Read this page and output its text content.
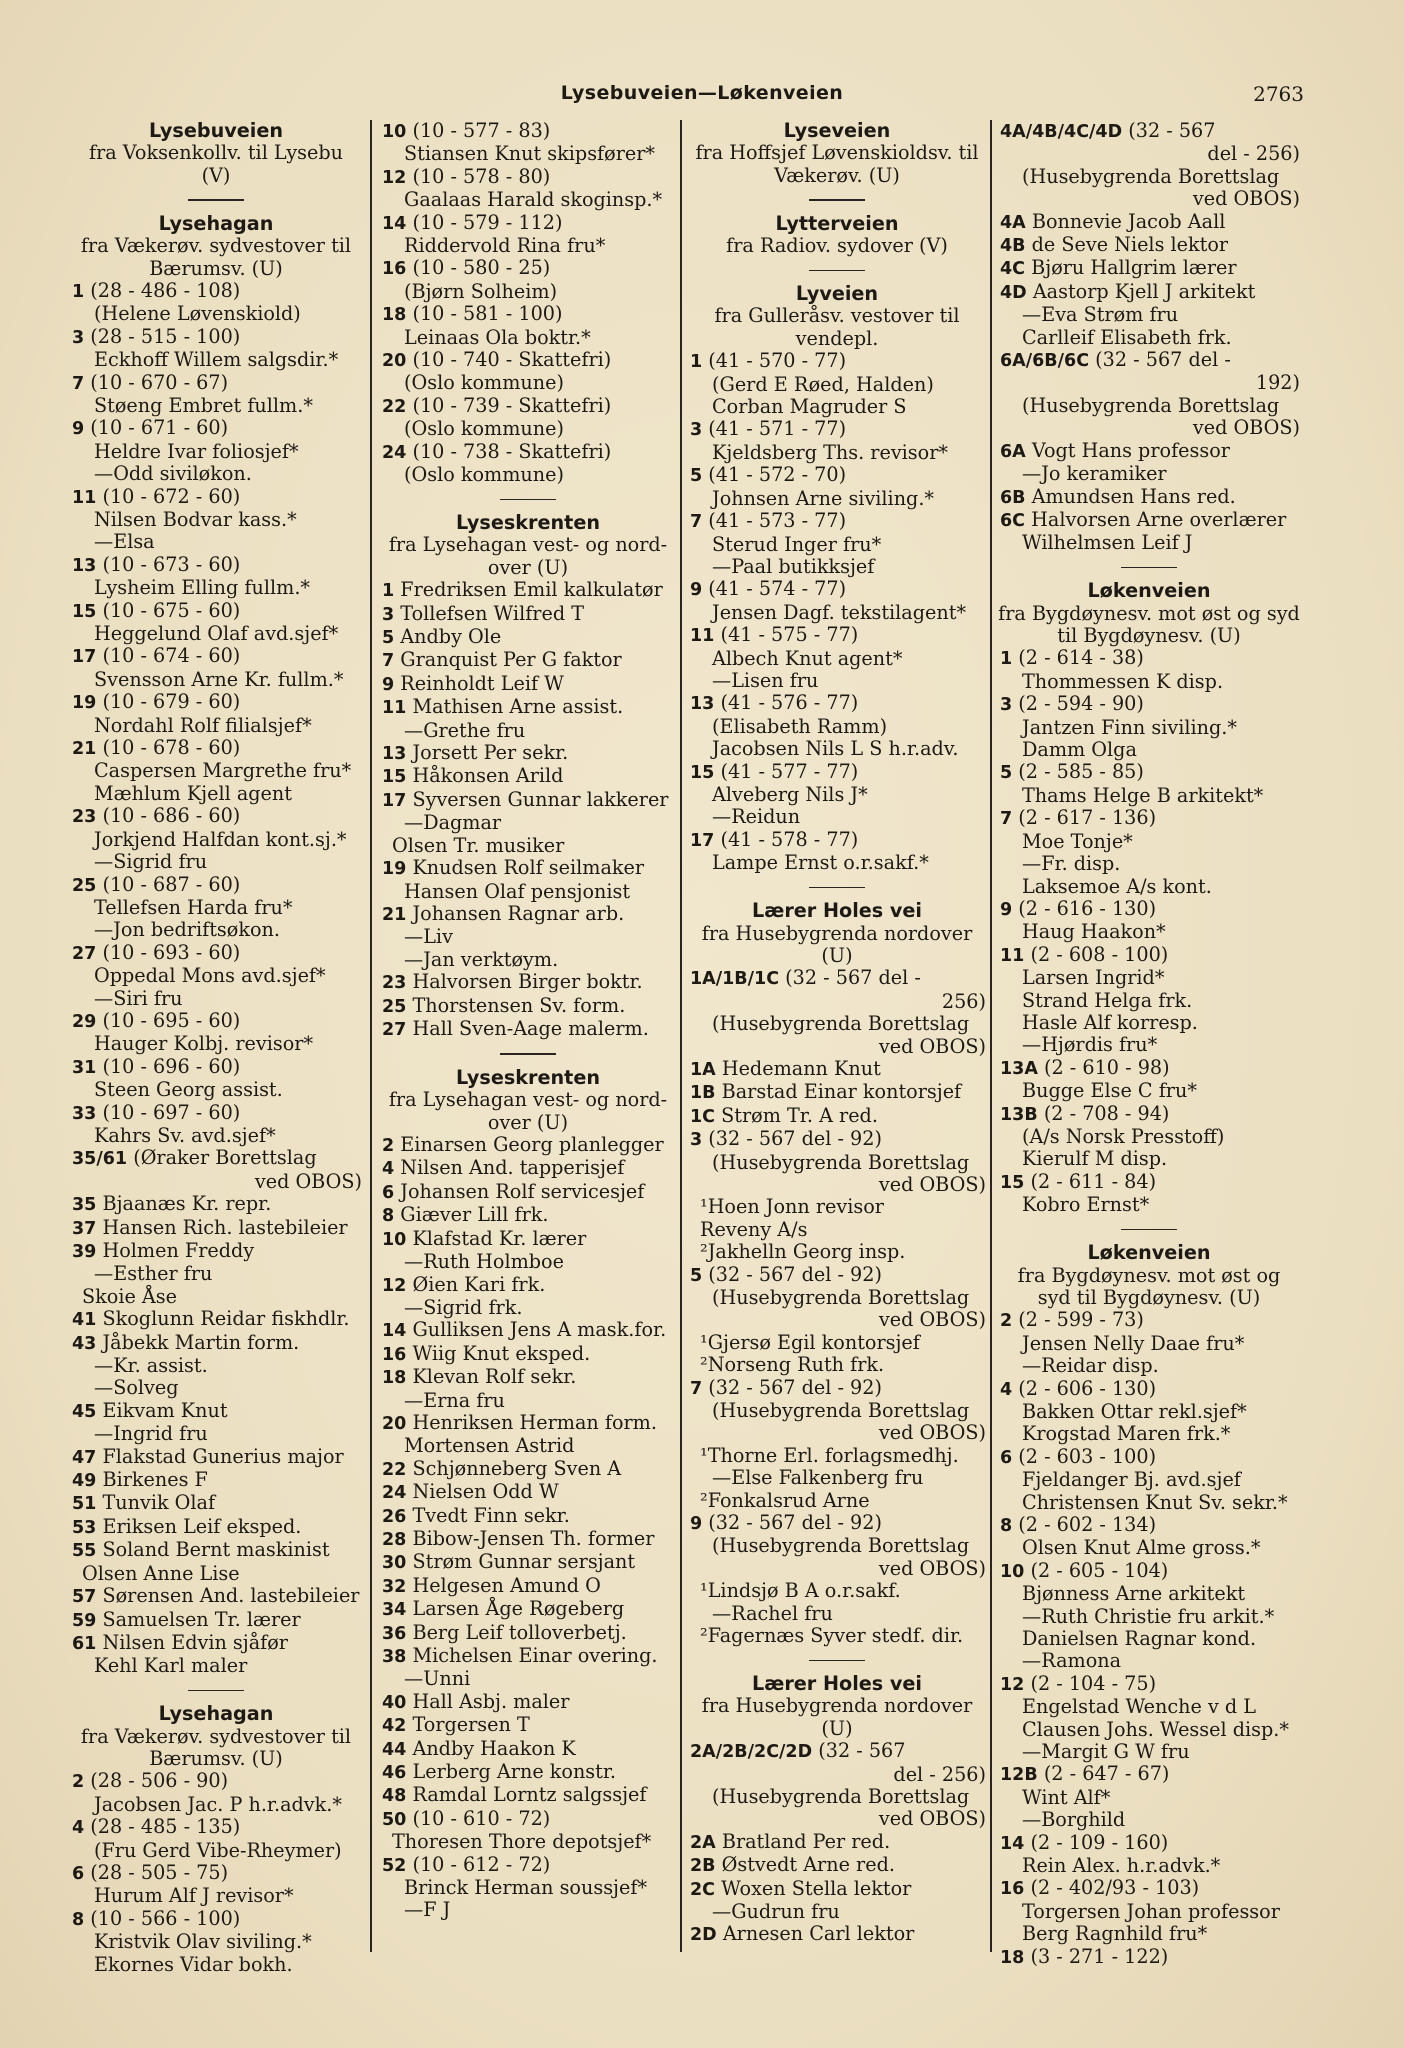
Lysebuveien—Løkenveien	2763
Lysebuveien
fra Voksenkollv. til Lysebu
(V)
Lysehagan
fra Vækerøv. sydvestover til
Bærumsv. (U)
1 (28 - 486 - 108)
(Helene Løvenskiold)
3 (28 - 515 - 100)
Eckhoff Willem salgsdir.*
7 (10 - 670 - 67)
Støeng Embret fullm.*
9 (10 - 671 - 60)
Heldre Ivar foliosjef*
—Odd siviløkon.
11 (10 - 672 - 60)
Nilsen Bodvar kass.*
—Elsa
13 (10 - 673 - 60)
Lysheim Elling fullm.*
15 (10 - 675 - 60)
Heggelund Olaf avd.sjef*
17 (10 - 674 - 60)
Svensson Arne Kr. fullm.*
19 (10 - 679 - 60)
Nordahl Rolf filialsjef*
21 (10 - 678 - 60)
Caspersen Margrethe fru*
Mæhlum Kjell agent
23 (10 - 686 - 60)
Jorkjend Halfdan kont.sj.*
—Sigrid fru
25 (10 - 687 - 60)
Tellefsen Harda fru*
—Jon bedriftsøkon.
27 (10 - 693 - 60)
Oppedal Mons avd.sjef*
—Siri fru
29 (10 - 695 - 60)
Hauger Kolbj. revisor*
31 (10 - 696 - 60)
Steen Georg assist.
33 (10 - 697 - 60)
Kahrs Sv. avd.sjef*
35/61 (Øraker Borettslag
ved OBOS)
35 Bjaanæs Kr. repr.
37 Hansen Rich. lastebileier
39 Holmen Freddy
—Esther fru
Skoie Åse
41 Skoglunn Reidar fiskhdlr.
43 Jåbekk Martin form.
—Kr. assist.
—Solveg
45 Eikvam Knut
—Ingrid fru
47 Flakstad Gunerius major
49 Birkenes F
51 Tunvik Olaf
53 Eriksen Leif eksped.
55 Soland Bernt maskinist
Olsen Anne Lise
57 Sørensen And. lastebileier
59 Samuelsen Tr. lærer
61 Nilsen Edvin sjåfør
Kehl Karl maler
Lysehagan
fra Vækerøv. sydvestover til
Bærumsv. (U)
2 (28 - 506 - 90)
Jacobsen Jac. P h.r.advk.*
4 (28 - 485 - 135)
(Fru Gerd Vibe-Rheymer)
6 (28 - 505 - 75)
Hurum Alf J revisor*
8 (10 - 566 - 100)
Kristvik Olav siviling.*
Ekornes Vidar bokh.
10 (10 - 577 - 83)
Stiansen Knut skipsfører*
12 (10 - 578 - 80)
Gaalaas Harald skoginsp.*
14 (10 - 579 - 112)
Riddervold Rina fru*
16 (10 - 580 - 25)
(Bjørn Solheim)
18 (10 - 581 - 100)
Leinaas Ola boktr.*
20 (10 - 740 - Skattefri)
(Oslo kommune)
22 (10 - 739 - Skattefri)
(Oslo kommune)
24 (10 - 738 - Skattefri)
(Oslo kommune)
Lyseskrenten
fra Lysehagan vest- og nord-
over (U)
1 Fredriksen Emil kalkulatør
3 Tollefsen Wilfred T
5 Andby Ole
7 Granquist Per G faktor
9 Reinholdt Leif W
11 Mathisen Arne assist.
—Grethe fru
13 Jorsett Per sekr.
15 Håkonsen Arild
17 Syversen Gunnar lakkerer
—Dagmar
Olsen Tr. musiker
19 Knudsen Rolf seilmaker
Hansen Olaf pensjonist
21 Johansen Ragnar arb.
—Liv
—Jan verktøym.
23 Halvorsen Birger boktr.
25 Thorstensen Sv. form.
27 Hall Sven-Aage malerm.
Lyseskrenten
fra Lysehagan vest- og nord-
over (U)
2 Einarsen Georg planlegger
4 Nilsen And. tapperisjef
6 Johansen Rolf servicesjef
8 Giæver Lill frk.
10 Klafstad Kr. lærer
—Ruth Holmboe
12 Øien Kari frk.
—Sigrid frk.
14 Gulliksen Jens A mask.for.
16 Wiig Knut eksped.
18 Klevan Rolf sekr.
—Erna fru
20 Henriksen Herman form.
Mortensen Astrid
22 Schjønneberg Sven A
24 Nielsen Odd W
26 Tvedt Finn sekr.
28 Bibow-Jensen Th. former
30 Strøm Gunnar sersjant
32 Helgesen Amund O
34 Larsen Åge Røgeberg
36 Berg Leif tolloverbetj.
38 Michelsen Einar overing.
—Unni
40 Hall Asbj. maler
42 Torgersen T
44 Andby Haakon K
46 Lerberg Arne konstr.
48 Ramdal Lorntz salgssjef
50 (10 - 610 - 72)
Thoresen Thore depotsjef*
52 (10 - 612 - 72)
Brinck Herman soussjef*
—F J
Lyseveien
fra Hoffsjef Løvenskioldsv. til
Vækerøv. (U)
Lytterveien
fra Radiov. sydover (V)
Lyveien
fra Gulleråsv. vestover til
vendepl.
1 (41 - 570 - 77)
(Gerd E Røed, Halden)
Corban Magruder S
3 (41 - 571 - 77)
Kjeldsberg Ths. revisor*
5 (41 - 572 - 70)
Johnsen Arne siviling.*
7 (41 - 573 - 77)
Sterud Inger fru*
—Paal butikksjef
9 (41 - 574 - 77)
Jensen Dagf. tekstilagent*
11 (41 - 575 - 77)
Albech Knut agent*
—Lisen fru
13 (41 - 576 - 77)
(Elisabeth Ramm)
Jacobsen Nils L S h.r.adv.
15 (41 - 577 - 77)
Alveberg Nils J*
—Reidun
17 (41 - 578 - 77)
Lampe Ernst o.r.sakf.*
Lærer Holes vei
fra Husebygrenda nordover
(U)
1A/1B/1C (32 - 567 del -
256)
(Husebygrenda Borettslag
ved OBOS)
1A Hedemann Knut
1B Barstad Einar kontorsjef
1C Strøm Tr. A red.
3 (32 - 567 del - 92)
(Husebygrenda Borettslag
ved OBOS)
¹Hoen Jonn revisor
Reveny A/s
²Jakhelln Georg insp.
5 (32 - 567 del - 92)
(Husebygrenda Borettslag
ved OBOS)
¹Gjersø Egil kontorsjef
²Norseng Ruth frk.
7 (32 - 567 del - 92)
(Husebygrenda Borettslag
ved OBOS)
¹Thorne Erl. forlagsmedhj.
—Else Falkenberg fru
²Fonkalsrud Arne
9 (32 - 567 del - 92)
(Husebygrenda Borettslag
ved OBOS)
¹Lindsjø B A o.r.sakf.
—Rachel fru
²Fagernæs Syver stedf. dir.
Lærer Holes vei
fra Husebygrenda nordover
(U)
2A/2B/2C/2D (32 - 567
del - 256)
(Husebygrenda Borettslag
ved OBOS)
2A Bratland Per red.
2B Østvedt Arne red.
2C Woxen Stella lektor
—Gudrun fru
2D Arnesen Carl lektor
4A/4B/4C/4D (32 - 567
del - 256)
(Husebygrenda Borettslag
ved OBOS)
4A Bonnevie Jacob Aall
4B de Seve Niels lektor
4C Bjøru Hallgrim lærer
4D Aastorp Kjell J arkitekt
—Eva Strøm fru
Carlleif Elisabeth frk.
6A/6B/6C (32 - 567 del -
192)
(Husebygrenda Borettslag
ved OBOS)
6A Vogt Hans professor
—Jo keramiker
6B Amundsen Hans red.
6C Halvorsen Arne overlærer
Wilhelmsen Leif J
Løkenveien
fra Bygdøynesv. mot øst og syd
til Bygdøynesv. (U)
1 (2 - 614 - 38)
Thommessen K disp.
3 (2 - 594 - 90)
Jantzen Finn siviling.*
Damm Olga
5 (2 - 585 - 85)
Thams Helge B arkitekt*
7 (2 - 617 - 136)
Moe Tonje*
—Fr. disp.
Laksemoe A/s kont.
9 (2 - 616 - 130)
Haug Haakon*
11 (2 - 608 - 100)
Larsen Ingrid*
Strand Helga frk.
Hasle Alf korresp.
—Hjørdis fru*
13A (2 - 610 - 98)
Bugge Else C fru*
13B (2 - 708 - 94)
(A/s Norsk Presstoff)
Kierulf M disp.
15 (2 - 611 - 84)
Kobro Ernst*
Løkenveien
fra Bygdøynesv. mot øst og
syd til Bygdøynesv. (U)
2 (2 - 599 - 73)
Jensen Nelly Daae fru*
—Reidar disp.
4 (2 - 606 - 130)
Bakken Ottar rekl.sjef*
Krogstad Maren frk.*
6 (2 - 603 - 100)
Fjeldanger Bj. avd.sjef
Christensen Knut Sv. sekr.*
8 (2 - 602 - 134)
Olsen Knut Alme gross.*
10 (2 - 605 - 104)
Bjønness Arne arkitekt
—Ruth Christie fru arkit.*
Danielsen Ragnar kond.
—Ramona
12 (2 - 104 - 75)
Engelstad Wenche v d L
Clausen Johs. Wessel disp.*
—Margit G W fru
12B (2 - 647 - 67)
Wint Alf*
—Borghild
14 (2 - 109 - 160)
Rein Alex. h.r.advk.*
16 (2 - 402/93 - 103)
Torgersen Johan professor
Berg Ragnhild fru*
18 (3 - 271 - 122)
